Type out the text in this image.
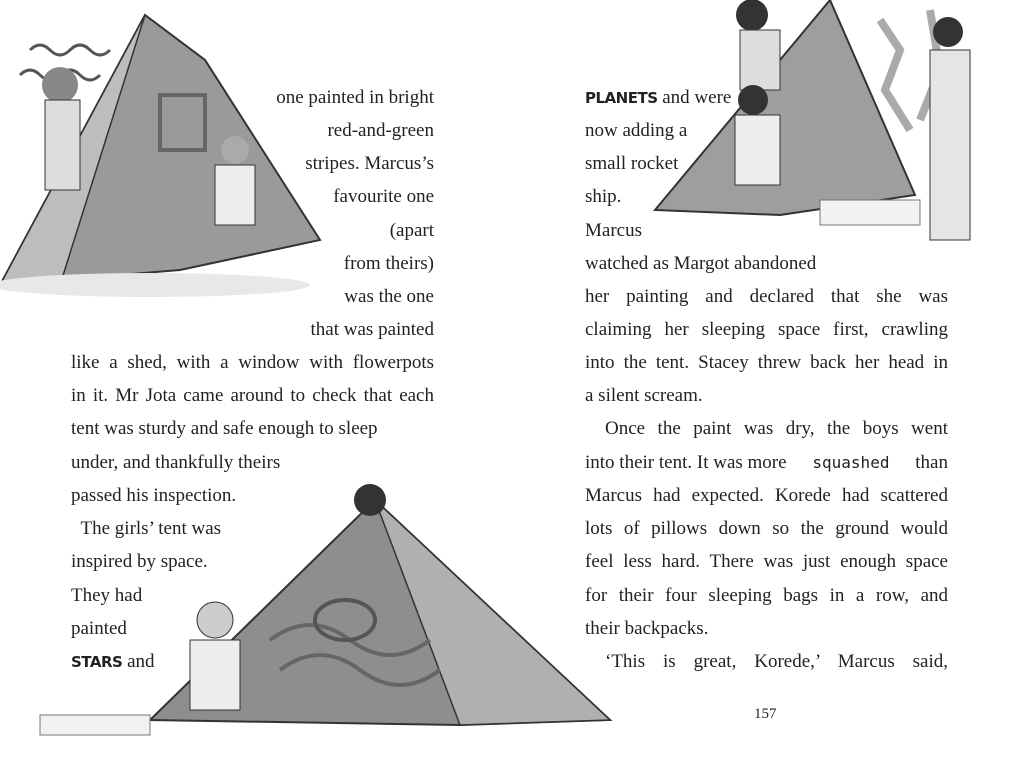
one painted in bright
red-and-green
stripes. Marcus’s
favourite one
(apart
from theirs)
was the one
that was painted
like a shed, with a window with flowerpots
in it. Mr Jota came around to check that each
tent was sturdy and safe enough to sleep
under, and thankfully theirs
passed his inspection.
The girls’ tent was
inspired by space.
They had
painted
STARS and
PLANETS and were
now adding a
small rocket
ship.
Marcus
watched as Margot abandoned
her painting and declared that she was
claiming her sleeping space first, crawling
into the tent. Stacey threw back her head in
a silent scream.
Once the paint was dry, the boys went
into their tent. It was more squashed than
Marcus had expected. Korede had scattered
lots of pillows down so the ground would
feel less hard. There was just enough space
for their four sleeping bags in a row, and
their backpacks.
‘This is great, Korede,’ Marcus said,
157
